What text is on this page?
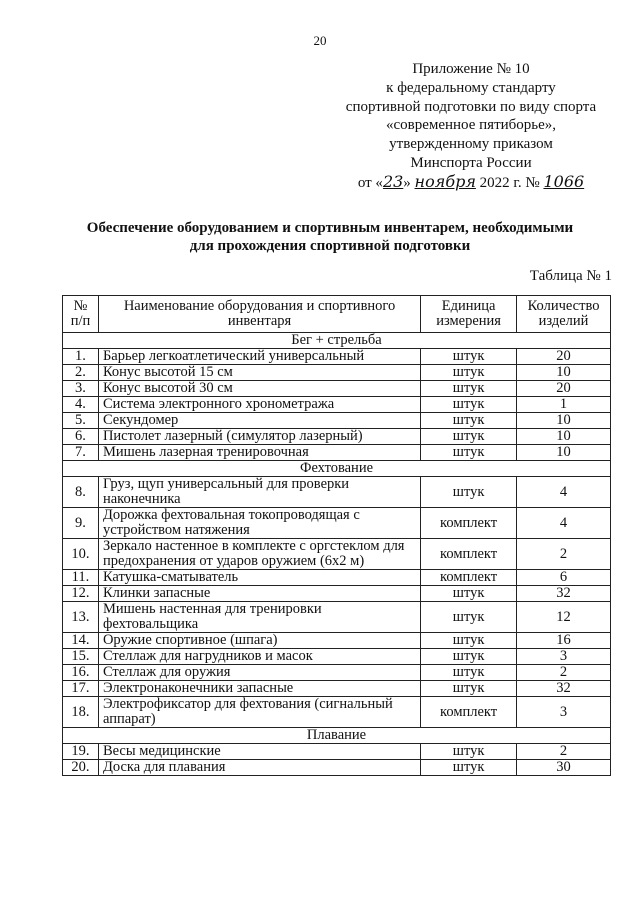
20
Приложение № 10
к федеральному стандарту
спортивной подготовки по виду спорта
«современное пятиборье»,
утвержденному приказом
Минспорта России
от «23» ноября 2022 г. № 1066
Обеспечение оборудованием и спортивным инвентарем, необходимыми
для прохождения спортивной подготовки
Таблица № 1
№ п/п	Наименование оборудования и спортивного инвентаря	Единица измерения	Количество изделий
Бег + стрельба			
1.	Барьер легкоатлетический универсальный	штук	20
2.	Конус высотой 15 см	штук	10
3.	Конус высотой 30 см	штук	20
4.	Система электронного хронометража	штук	1
5.	Секундомер	штук	10
6.	Пистолет лазерный (симулятор лазерный)	штук	10
7.	Мишень лазерная тренировочная	штук	10
Фехтование			
8.	Груз, щуп универсальный для проверки наконечника	штук	4
9.	Дорожка фехтовальная токопроводящая с устройством натяжения	комплект	4
10.	Зеркало настенное в комплекте с оргстеклом для предохранения от ударов оружием (6х2 м)	комплект	2
11.	Катушка-сматыватель	комплект	6
12.	Клинки запасные	штук	32
13.	Мишень настенная для тренировки фехтовальщика	штук	12
14.	Оружие спортивное (шпага)	штук	16
15.	Стеллаж для нагрудников и масок	штук	3
16.	Стеллаж для оружия	штук	2
17.	Электронаконечники запасные	штук	32
18.	Электрофиксатор для фехтования (сигнальный аппарат)	комплект	3
Плавание			
19.	Весы медицинские	штук	2
20.	Доска для плавания	штук	30
